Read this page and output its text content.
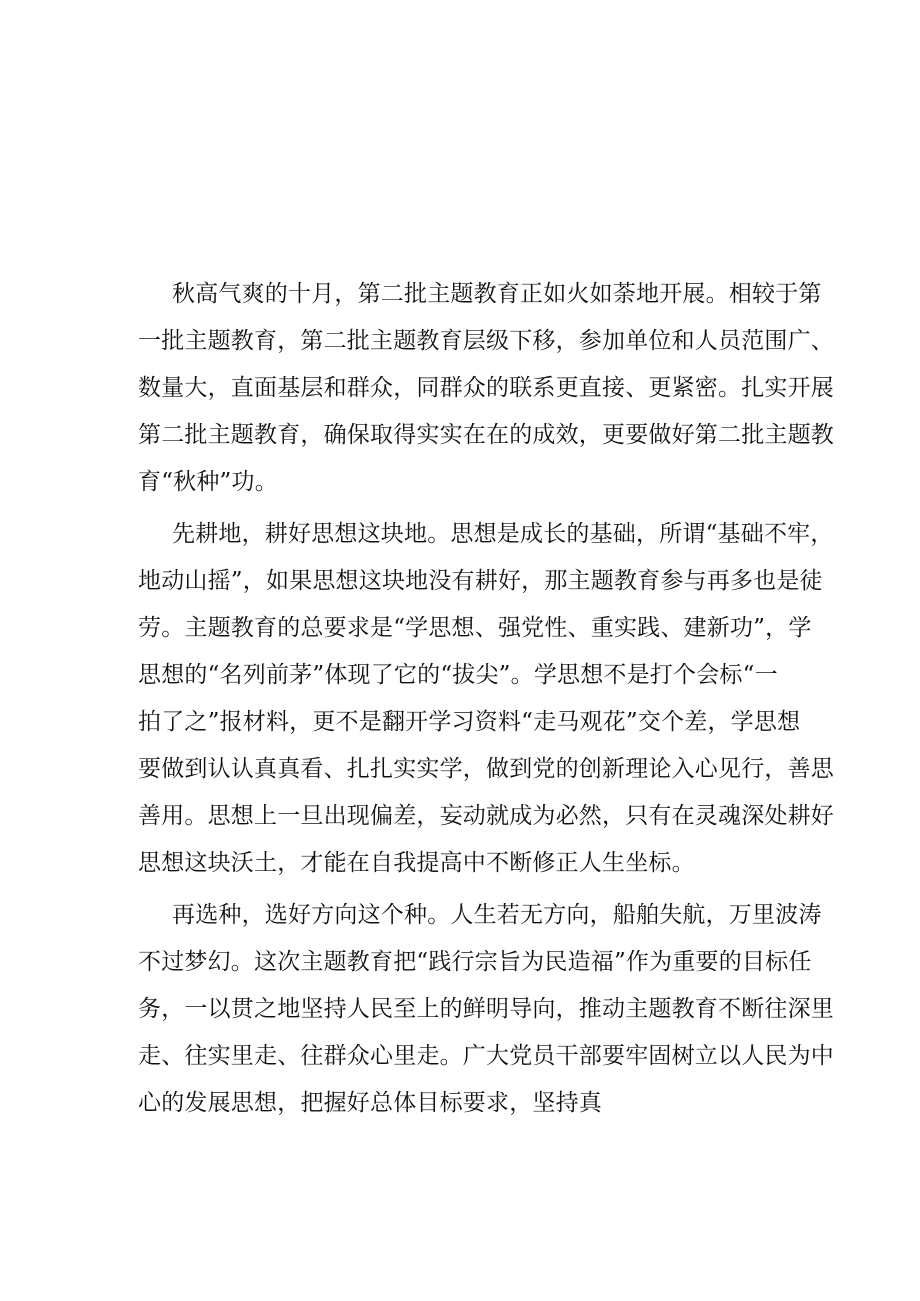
秋高气爽的十月，第二批主题教育正如火如荼地开展。相较于第
一批主题教育，第二批主题教育层级下移，参加单位和人员范围广、
数量大，直面基层和群众，同群众的联系更直接、更紧密。扎实开展
第二批主题教育，确保取得实实在在的成效，更要做好第二批主题教
育“秋种”功。
先耕地，耕好思想这块地。思想是成长的基础，所谓“基础不牢，
地动山摇”，如果思想这块地没有耕好，那主题教育参与再多也是徒
劳。主题教育的总要求是“学思想、强党性、重实践、建新功”，学
思想的“名列前茅”体现了它的“拔尖”。学思想不是打个会标“一
拍了之”报材料，更不是翻开学习资料“走马观花”交个差，学思想
要做到认认真真看、扎扎实实学，做到党的创新理论入心见行，善思
善用。思想上一旦出现偏差，妄动就成为必然，只有在灵魂深处耕好
思想这块沃土，才能在自我提高中不断修正人生坐标。
再选种，选好方向这个种。人生若无方向，船舶失航，万里波涛
不过梦幻。这次主题教育把“践行宗旨为民造福”作为重要的目标任
务，一以贯之地坚持人民至上的鲜明导向，推动主题教育不断往深里
走、往实里走、往群众心里走。广大党员干部要牢固树立以人民为中
心的发展思想，把握好总体目标要求，坚持真
